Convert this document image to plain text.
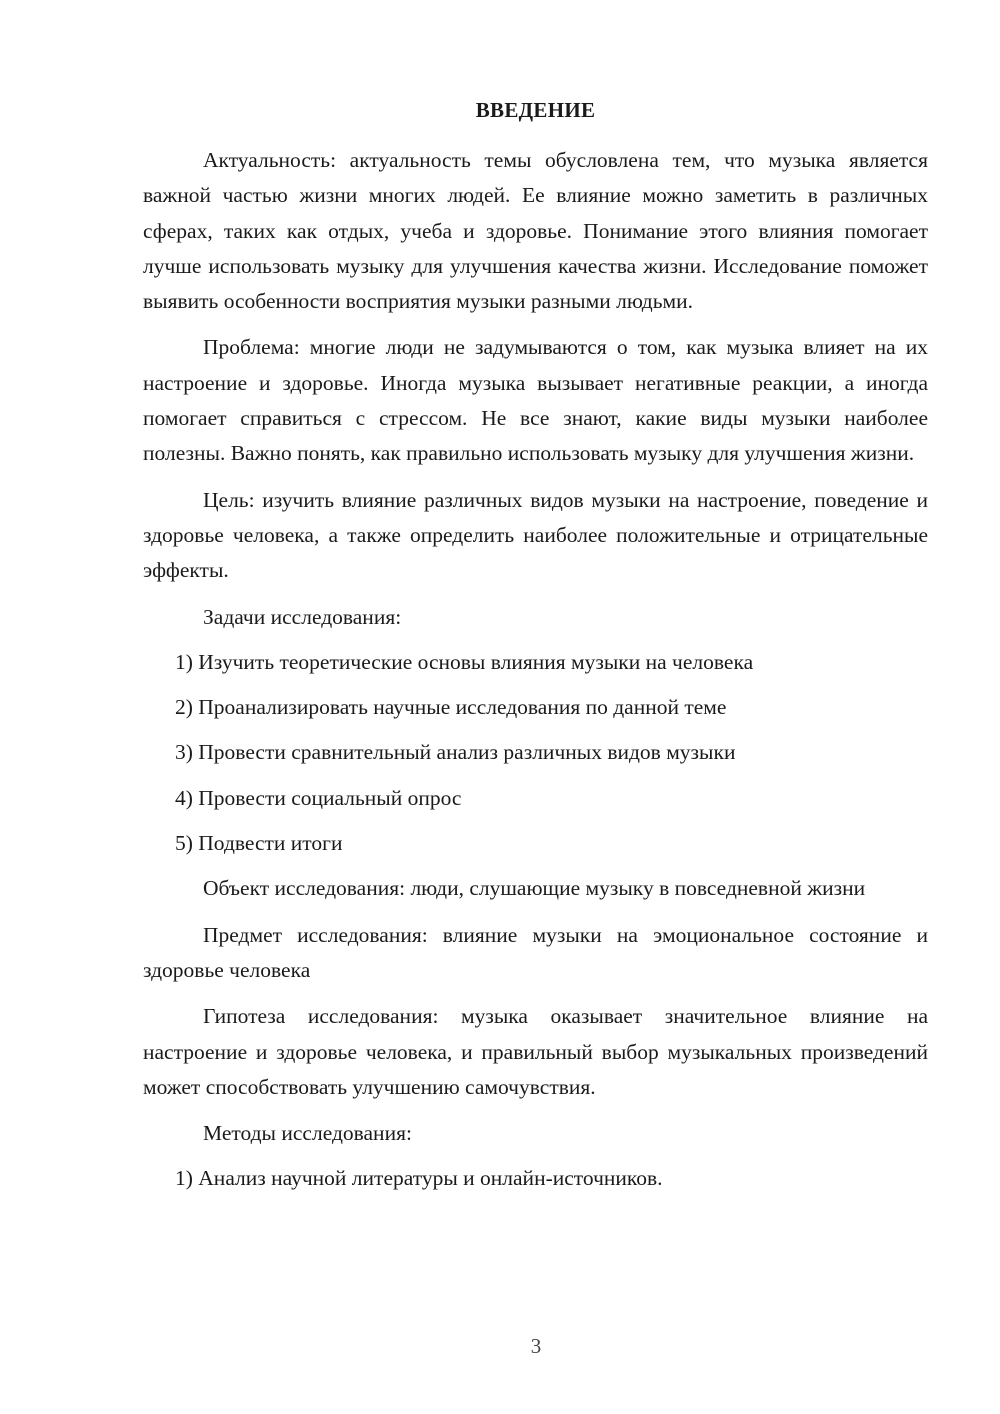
ВВЕДЕНИЕ

Актуальность: актуальность темы обусловлена тем, что музыка является важной частью жизни многих людей. Ее влияние можно заметить в различных сферах, таких как отдых, учеба и здоровье. Понимание этого влияния помогает лучше использовать музыку для улучшения качества жизни. Исследование поможет выявить особенности восприятия музыки разными людьми.

Проблема: многие люди не задумываются о том, как музыка влияет на их настроение и здоровье. Иногда музыка вызывает негативные реакции, а иногда помогает справиться с стрессом. Не все знают, какие виды музыки наиболее полезны. Важно понять, как правильно использовать музыку для улучшения жизни.

Цель: изучить влияние различных видов музыки на настроение, поведение и здоровье человека, а также определить наиболее положительные и отрицательные эффекты.

Задачи исследования:

1) Изучить теоретические основы влияния музыки на человека

2) Проанализировать научные исследования по данной теме

3) Провести сравнительный анализ различных видов музыки

4) Провести социальный опрос

5) Подвести итоги

Объект исследования: люди, слушающие музыку в повседневной жизни

Предмет исследования: влияние музыки на эмоциональное состояние и здоровье человека

Гипотеза исследования: музыка оказывает значительное влияние на настроение и здоровье человека, и правильный выбор музыкальных произведений может способствовать улучшению самочувствия.

Методы исследования:

1) Анализ научной литературы и онлайн-источников.

3
